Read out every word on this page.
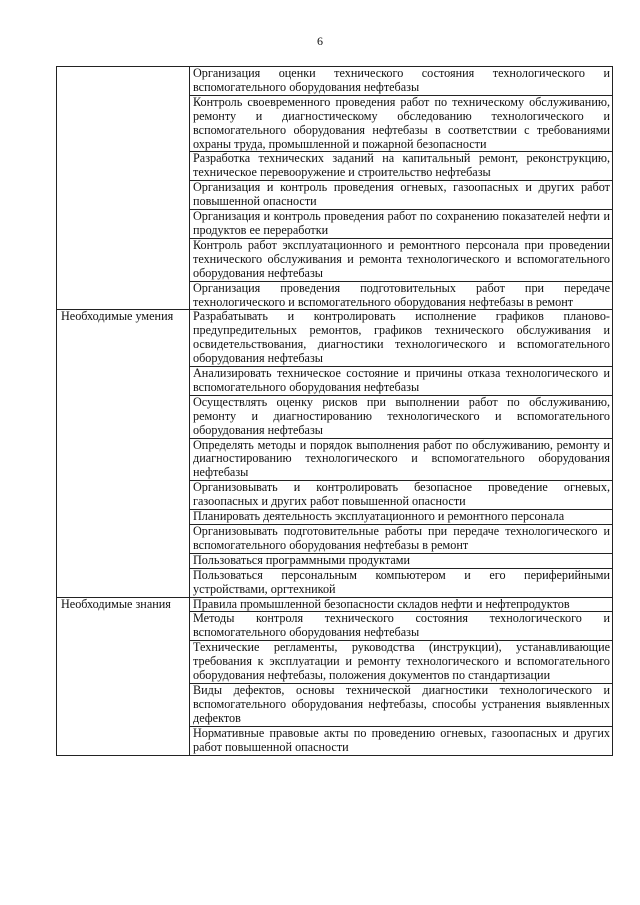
6
	Организация оценки технического состояния технологического и вспомогательного оборудования нефтебазы
	Контроль своевременного проведения работ по техническому обслуживанию, ремонту и диагностическому обследованию технологического и вспомогательного оборудования нефтебазы в соответствии с требованиями охраны труда, промышленной и пожарной безопасности
	Разработка технических заданий на капитальный ремонт, реконструкцию, техническое перевооружение и строительство нефтебазы
	Организация и контроль проведения огневых, газоопасных и других работ повышенной опасности
	Организация и контроль проведения работ по сохранению показателей нефти и продуктов ее переработки
	Контроль работ эксплуатационного и ремонтного персонала при проведении технического обслуживания и ремонта технологического и вспомогательного оборудования нефтебазы
	Организация проведения подготовительных работ при передаче технологического и вспомогательного оборудования нефтебазы в ремонт
Необходимые умения	Разрабатывать и контролировать исполнение графиков планово-предупредительных ремонтов, графиков технического обслуживания и освидетельствования, диагностики технологического и вспомогательного оборудования нефтебазы
	Анализировать техническое состояние и причины отказа технологического и вспомогательного оборудования нефтебазы
	Осуществлять оценку рисков при выполнении работ по обслуживанию, ремонту и диагностированию технологического и вспомогательного оборудования нефтебазы
	Определять методы и порядок выполнения работ по обслуживанию, ремонту и диагностированию технологического и вспомогательного оборудования нефтебазы
	Организовывать и контролировать безопасное проведение огневых, газоопасных и других работ повышенной опасности
	Планировать деятельность эксплуатационного и ремонтного персонала
	Организовывать подготовительные работы при передаче технологического и вспомогательного оборудования нефтебазы в ремонт
	Пользоваться программными продуктами
	Пользоваться персональным компьютером и его периферийными устройствами, оргтехникой
Необходимые знания	Правила промышленной безопасности складов нефти и нефтепродуктов
	Методы контроля технического состояния технологического и вспомогательного оборудования нефтебазы
	Технические регламенты, руководства (инструкции), устанавливающие требования к эксплуатации и ремонту технологического и вспомогательного оборудования нефтебазы, положения документов по стандартизации
	Виды дефектов, основы технической диагностики технологического и вспомогательного оборудования нефтебазы, способы устранения выявленных дефектов
	Нормативные правовые акты по проведению огневых, газоопасных и других работ повышенной опасности
